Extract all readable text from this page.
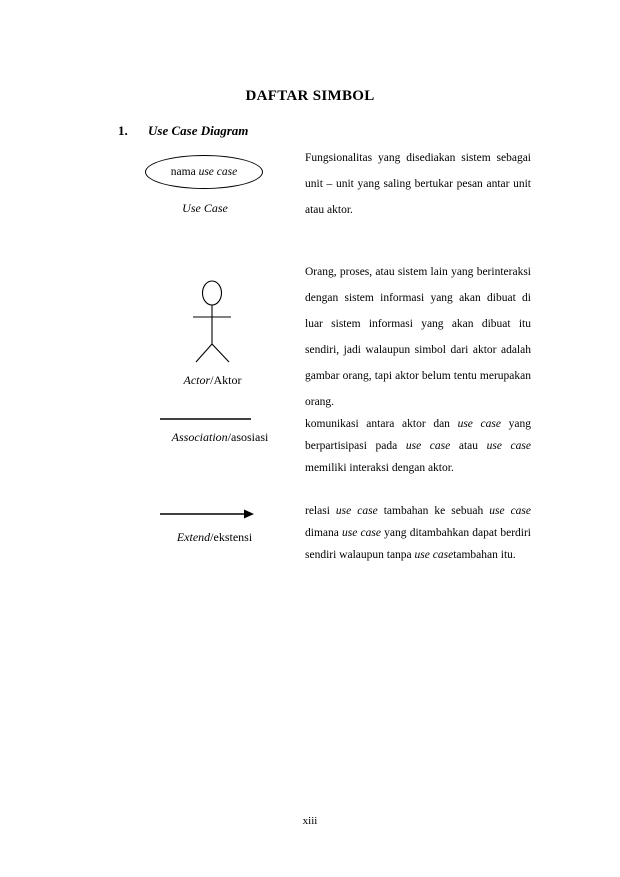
DAFTAR SIMBOL
1. Use Case Diagram
nama use case
Use Case

Fungsionalitas yang disediakan sistem sebagai unit – unit yang saling bertukar pesan antar unit atau aktor.

Actor/Aktor

Orang, proses, atau sistem lain yang berinteraksi dengan sistem informasi yang akan dibuat di luar sistem informasi yang akan dibuat itu sendiri, jadi walaupun simbol dari aktor adalah gambar orang, tapi aktor belum tentu merupakan orang.

Association/asosiasi

komunikasi antara aktor dan use case yang berpartisipasi pada use case atau use case memiliki interaksi dengan aktor.

Extend/ekstensi

relasi use case tambahan ke sebuah use case dimana use case yang ditambahkan dapat berdiri sendiri walaupun tanpa use casetambahan itu.

xiii
